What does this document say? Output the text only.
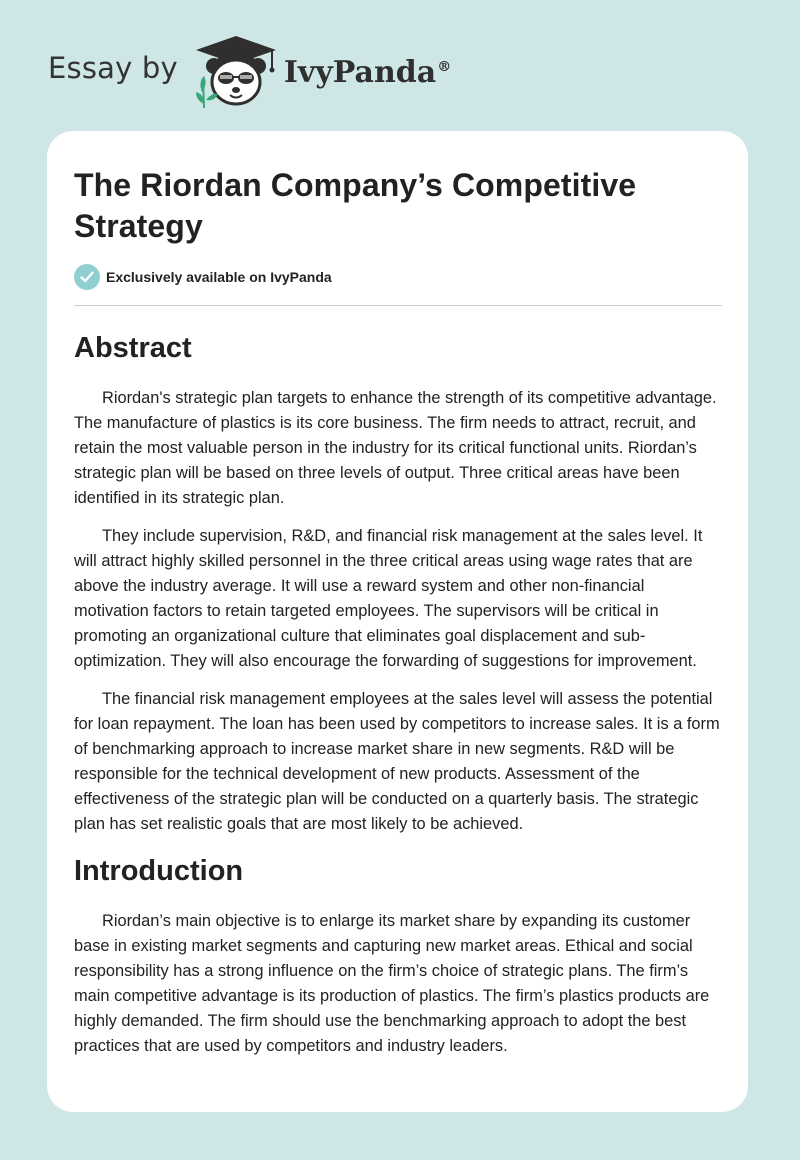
Essay by	IvyPanda®
The Riordan Company’s Competitive Strategy
Exclusively available on IvyPanda
Abstract

Riordan's strategic plan targets to enhance the strength of its competitive advantage. The manufacture of plastics is its core business. The firm needs to attract, recruit, and retain the most valuable person in the industry for its critical functional units. Riordan’s strategic plan will be based on three levels of output. Three critical areas have been identified in its strategic plan.

They include supervision, R&D, and financial risk management at the sales level. It will attract highly skilled personnel in the three critical areas using wage rates that are above the industry average. It will use a reward system and other non-financial motivation factors to retain targeted employees. The supervisors will be critical in promoting an organizational culture that eliminates goal displacement and sub-optimization. They will also encourage the forwarding of suggestions for improvement.

The financial risk management employees at the sales level will assess the potential for loan repayment. The loan has been used by competitors to increase sales. It is a form of benchmarking approach to increase market share in new segments. R&D will be responsible for the technical development of new products. Assessment of the effectiveness of the strategic plan will be conducted on a quarterly basis. The strategic plan has set realistic goals that are most likely to be achieved.

Introduction

Riordan’s main objective is to enlarge its market share by expanding its customer base in existing market segments and capturing new market areas. Ethical and social responsibility has a strong influence on the firm’s choice of strategic plans. The firm’s main competitive advantage is its production of plastics. The firm’s plastics products are highly demanded. The firm should use the benchmarking approach to adopt the best practices that are used by competitors and industry leaders.
